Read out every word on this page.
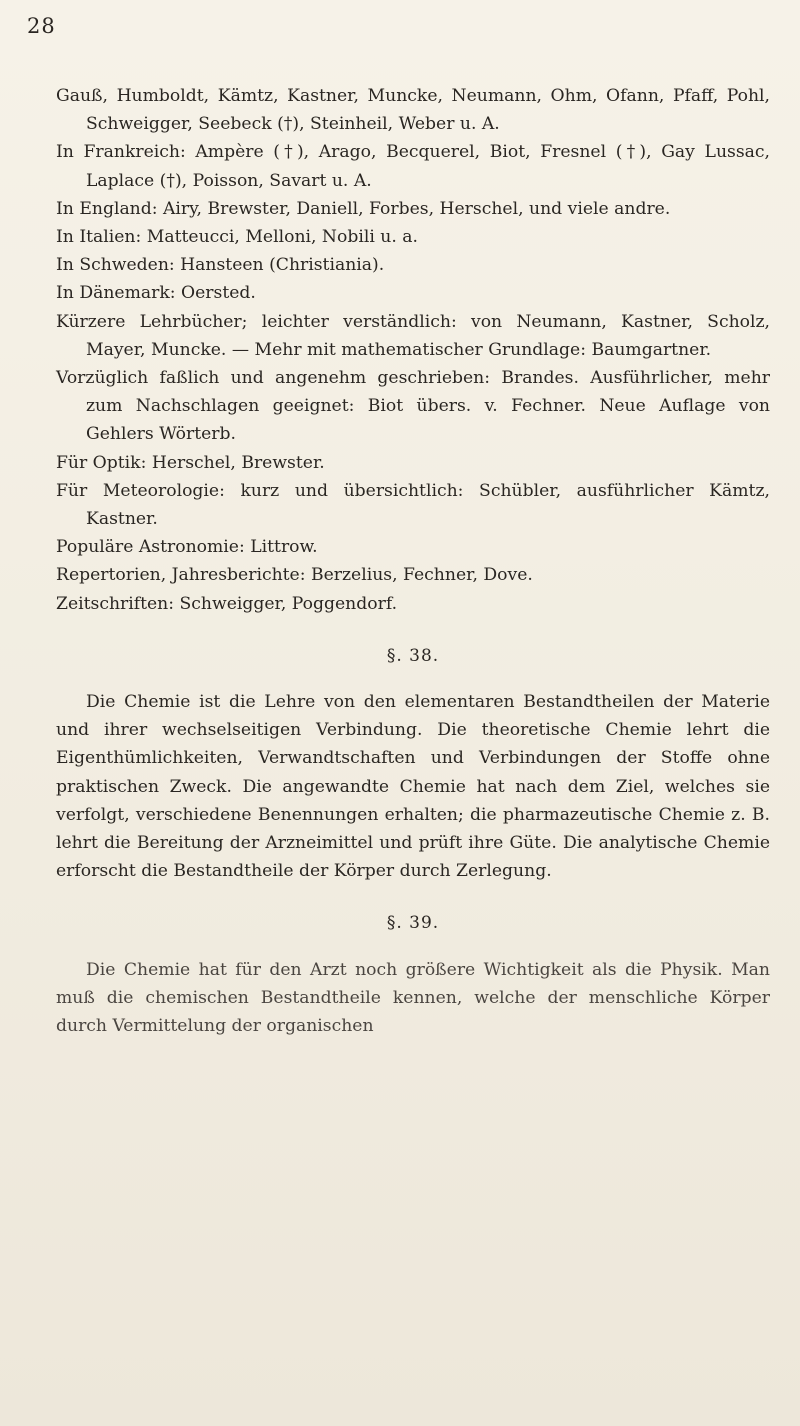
28

Gauß, Humboldt, Kämtz, Kastner, Muncke, Neumann, Ohm, Ofann, Pfaff, Pohl, Schweigger, Seebeck (†), Steinheil, Weber u. A.

In Frankreich: Ampère (†), Arago, Becquerel, Biot, Fresnel (†), Gay Lussac, Laplace (†), Poisson, Savart u. A.

In England: Airy, Brewster, Daniell, Forbes, Herschel, und viele andre.

In Italien: Matteucci, Melloni, Nobili u. a.

In Schweden: Hansteen (Christiania).

In Dänemark: Oersted.

Kürzere Lehrbücher; leichter verständlich: von Neumann, Kastner, Scholz, Mayer, Muncke. — Mehr mit mathematischer Grundlage: Baumgartner.

Vorzüglich faßlich und angenehm geschrieben: Brandes. Ausführlicher, mehr zum Nachschlagen geeignet: Biot übers. v. Fechner. Neue Auflage von Gehlers Wörterb.

Für Optik: Herschel, Brewster.

Für Meteorologie: kurz und übersichtlich: Schübler, ausführlicher Kämtz, Kastner.

Populäre Astronomie: Littrow.

Repertorien, Jahresberichte: Berzelius, Fechner, Dove.

Zeitschriften: Schweigger, Poggendorf.

§. 38.

Die Chemie ist die Lehre von den elementaren Bestandtheilen der Materie und ihrer wechselseitigen Verbindung. Die theoretische Chemie lehrt die Eigenthümlichkeiten, Verwandtschaften und Verbindungen der Stoffe ohne praktischen Zweck. Die angewandte Chemie hat nach dem Ziel, welches sie verfolgt, verschiedene Benennungen erhalten; die pharmazeutische Chemie z. B. lehrt die Bereitung der Arzneimittel und prüft ihre Güte. Die analytische Chemie erforscht die Bestandtheile der Körper durch Zerlegung.

§. 39.

Die Chemie hat für den Arzt noch größere Wichtigkeit als die Physik. Man muß die chemischen Bestandtheile kennen, welche der menschliche Körper durch Vermittelung der organischen
